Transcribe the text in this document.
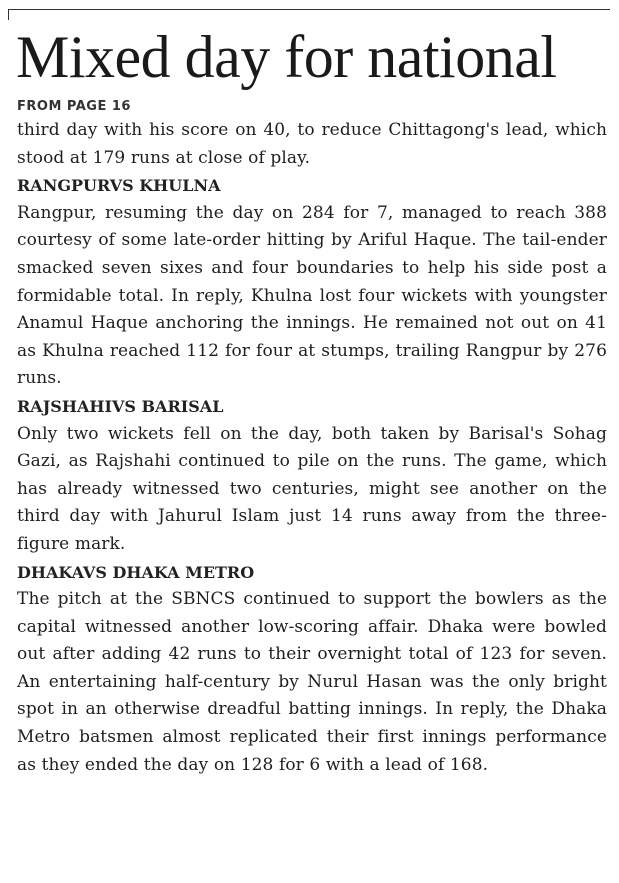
Mixed day for national

FROM PAGE 16

third day with his score on 40, to reduce Chittagong's lead, which stood at 179 runs at close of play.

RANGPURVS KHULNA

Rangpur, resuming the day on 284 for 7, managed to reach 388 courtesy of some late-order hitting by Ariful Haque. The tail-ender smacked seven sixes and four boundaries to help his side post a formidable total. In reply, Khulna lost four wickets with youngster Anamul Haque anchoring the innings. He remained not out on 41 as Khulna reached 112 for four at stumps, trailing Rangpur by 276 runs.

RAJSHAHIVS BARISAL

Only two wickets fell on the day, both taken by Barisal's Sohag Gazi, as Rajshahi continued to pile on the runs. The game, which has already witnessed two centuries, might see another on the third day with Jahurul Islam just 14 runs away from the three-figure mark.

DHAKAVS DHAKA METRO

The pitch at the SBNCS continued to support the bowlers as the capital witnessed another low-scoring affair. Dhaka were bowled out after adding 42 runs to their overnight total of 123 for seven. An entertaining half-century by Nurul Hasan was the only bright spot in an otherwise dreadful batting innings. In reply, the Dhaka Metro batsmen almost replicated their first innings performance as they ended the day on 128 for 6 with a lead of 168.
